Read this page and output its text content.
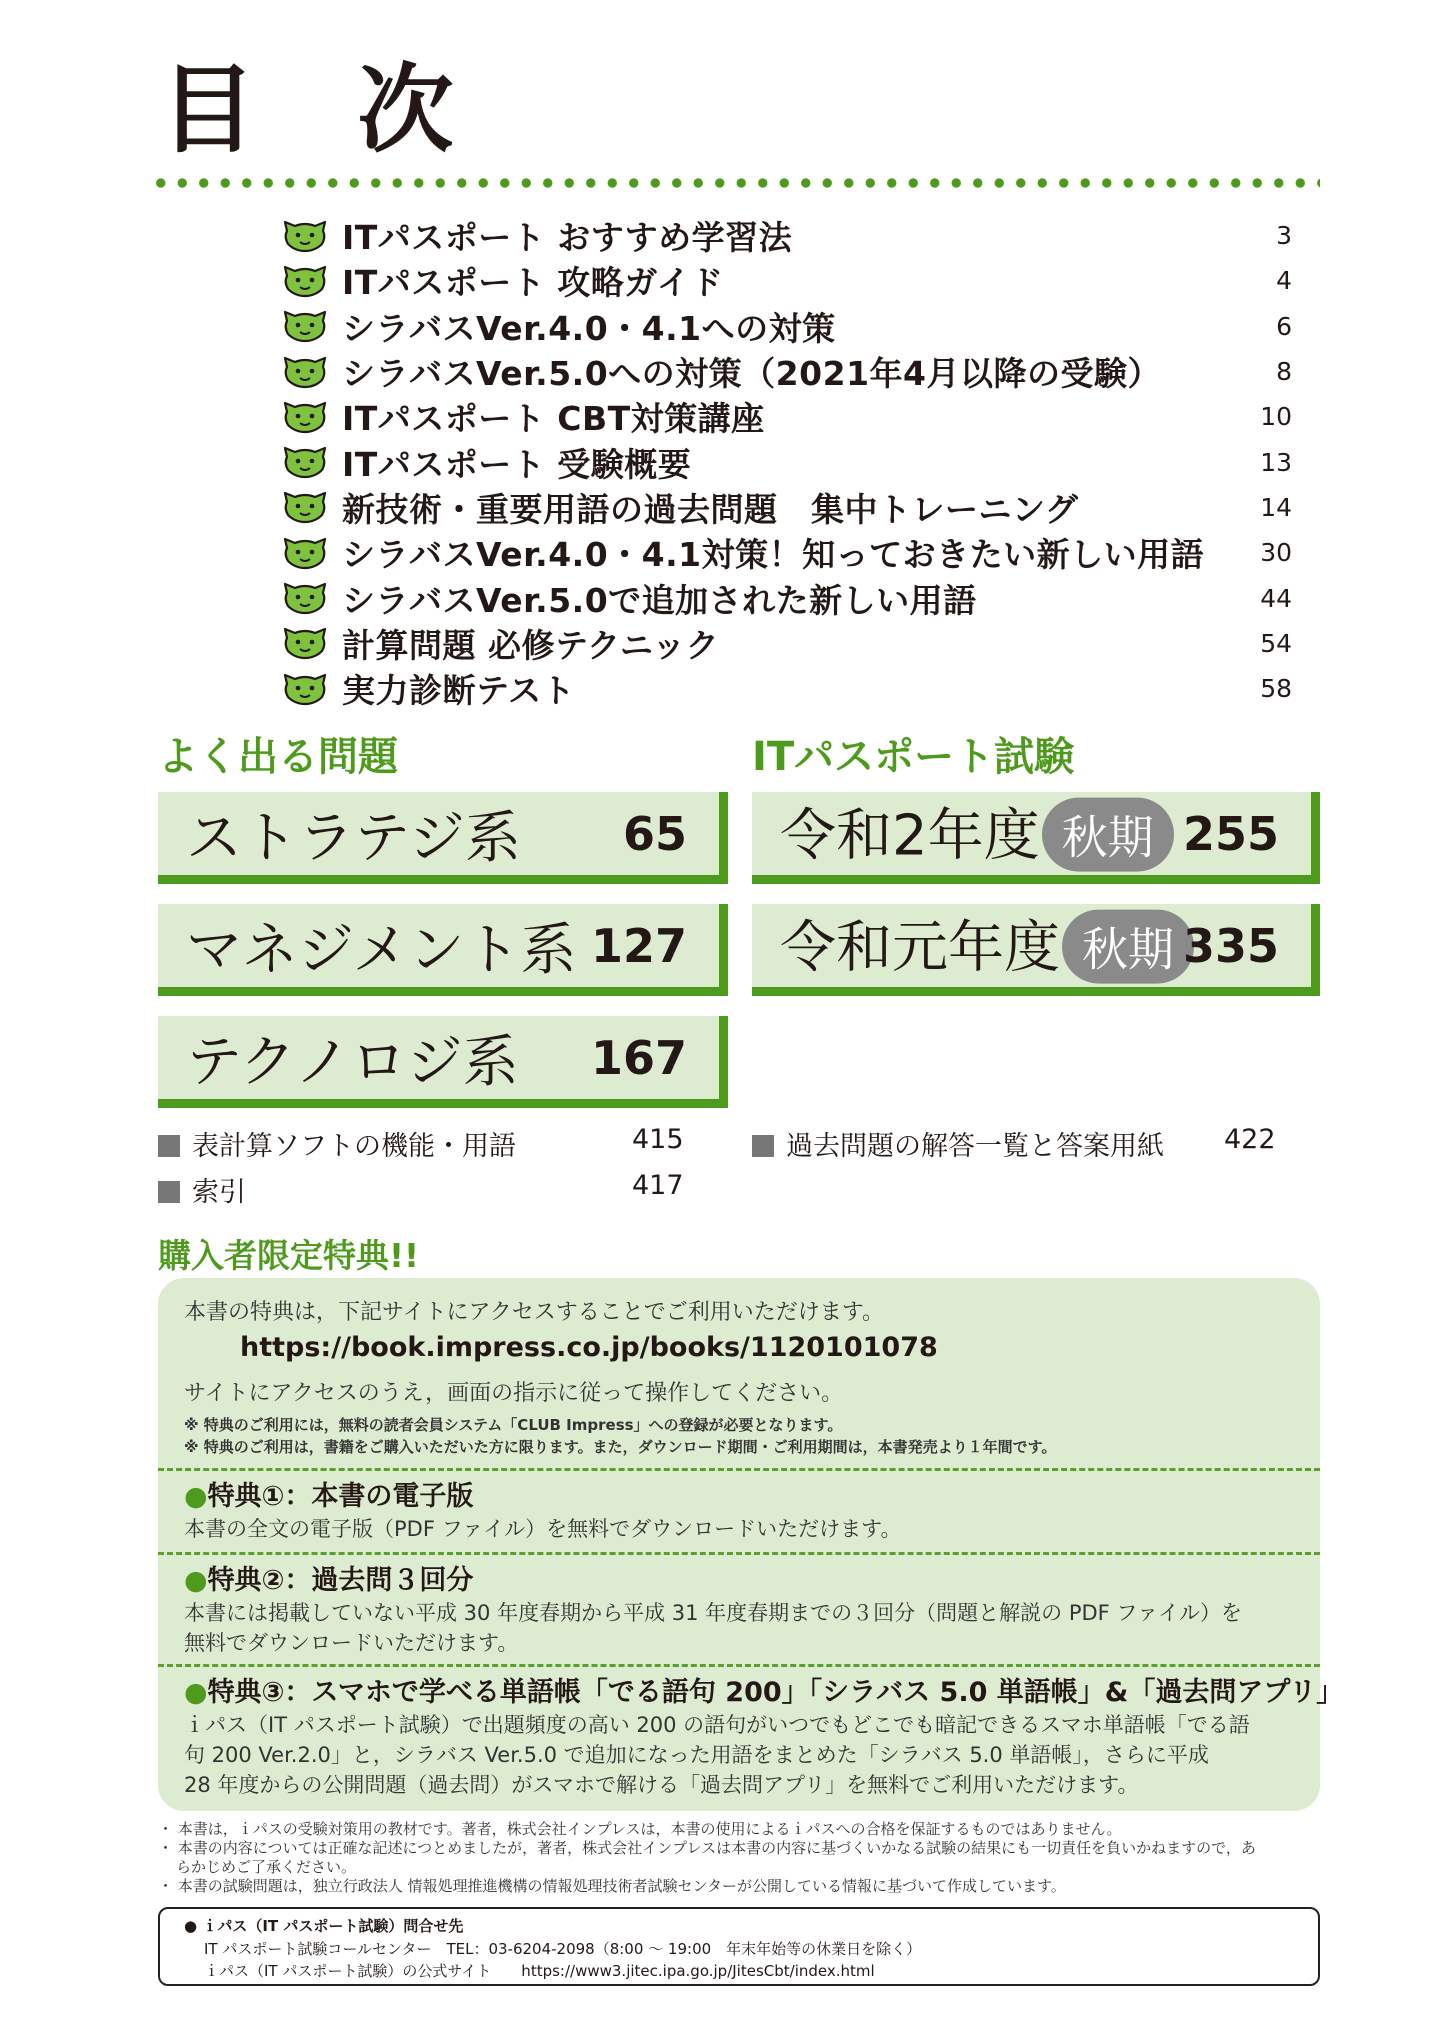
目 次
ITパスポート おすすめ学習法	3
ITパスポート 攻略ガイド	4
シラバスVer.4.0・4.1への対策	6
シラバスVer.5.0への対策（2021年4月以降の受験）	8
ITパスポート CBT対策講座	10
ITパスポート 受験概要	13
新技術・重要用語の過去問題　集中トレーニング	14
シラバスVer.4.0・4.1対策！知っておきたい新しい用語 30
シラバスVer.5.0で追加された新しい用語	44
計算問題 必修テクニック	54
実力診断テスト	58
よく出る問題	ITパスポート試験
ストラテジ系 65
マネジメント系 127
テクノロジ系 167
令和2年度 秋期 255
令和元年度 秋期 335
表計算ソフトの機能・用語	415
索引	417
過去問題の解答一覧と答案用紙 422
購入者限定特典!!
本書の特典は，下記サイトにアクセスすることでご利用いただけます。
https://book.impress.co.jp/books/1120101078
サイトにアクセスのうえ，画面の指示に従って操作してください。
※ 特典のご利用には，無料の読者会員システム「CLUB Impress」への登録が必要となります。
※ 特典のご利用は，書籍をご購入いただいた方に限ります。また，ダウンロード期間・ご利用期間は，本書発売より１年間です。
●特典①：本書の電子版
本書の全文の電子版（PDF ファイル）を無料でダウンロードいただけます。
●特典②：過去問３回分
本書には掲載していない平成 30 年度春期から平成 31 年度春期までの３回分（問題と解説の PDF ファイル）を
無料でダウンロードいただけます。
●特典③：スマホで学べる単語帳「でる語句 200」「シラバス 5.0 単語帳」&「過去問アプリ」
ｉパス（IT パスポート試験）で出題頻度の高い 200 の語句がいつでもどこでも暗記できるスマホ単語帳「でる語
句 200 Ver.2.0」と，シラバス Ver.5.0 で追加になった用語をまとめた「シラバス 5.0 単語帳」，さらに平成
28 年度からの公開問題（過去問）がスマホで解ける「過去問アプリ」を無料でご利用いただけます。
・ 本書は，ｉパスの受験対策用の教材です。著者，株式会社インプレスは，本書の使用によるｉパスへの合格を保証するものではありません。
・ 本書の内容については正確な記述につとめましたが，著者，株式会社インプレスは本書の内容に基づくいかなる試験の結果にも一切責任を負いかねますので，あ
らかじめご了承ください。
・ 本書の試験問題は，独立行政法人 情報処理推進機構の情報処理技術者試験センターが公開している情報に基づいて作成しています。
● ｉパス（IT パスポート試験）問合せ先
IT パスポート試験コールセンター　TEL：03-6204-2098（8:00 ～ 19:00　年末年始等の休業日を除く）
ｉパス（IT パスポート試験）の公式サイト　　https://www3.jitec.ipa.go.jp/JitesCbt/index.html
